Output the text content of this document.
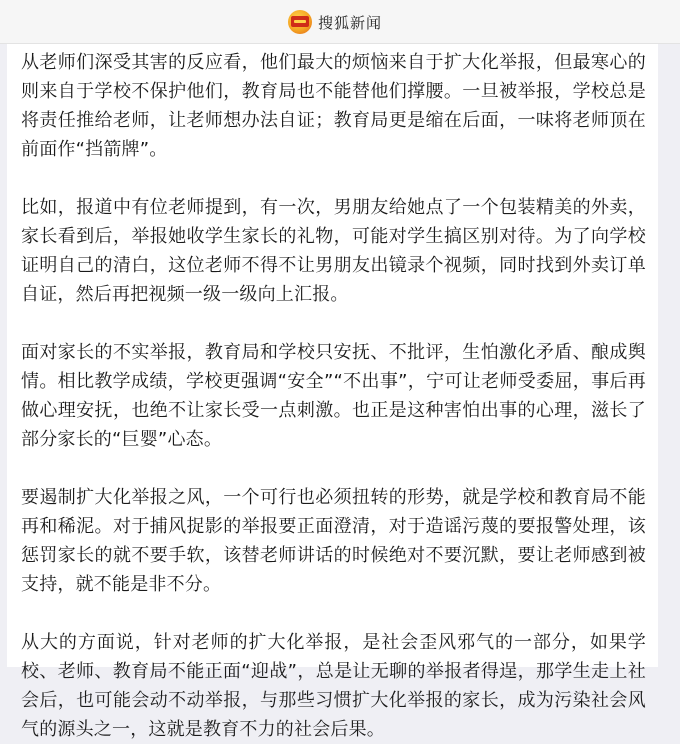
搜狐新闻

从老师们深受其害的反应看，他们最大的烦恼来自于扩大化举报，但最寒心的则来自于学校不保护他们，教育局也不能替他们撑腰。一旦被举报，学校总是将责任推给老师，让老师想办法自证；教育局更是缩在后面，一味将老师顶在前面作“挡箭牌”。

比如，报道中有位老师提到，有一次，男朋友给她点了一个包装精美的外卖，家长看到后，举报她收学生家长的礼物，可能对学生搞区别对待。为了向学校证明自己的清白，这位老师不得不让男朋友出镜录个视频，同时找到外卖订单自证，然后再把视频一级一级向上汇报。

面对家长的不实举报，教育局和学校只安抚、不批评，生怕激化矛盾、酿成舆情。相比教学成绩，学校更强调“安全”“不出事”，宁可让老师受委屈，事后再做心理安抚，也绝不让家长受一点刺激。也正是这种害怕出事的心理，滋长了部分家长的“巨婴”心态。

要遏制扩大化举报之风，一个可行也必须扭转的形势，就是学校和教育局不能再和稀泥。对于捕风捉影的举报要正面澄清，对于造谣污蔑的要报警处理，该惩罚家长的就不要手软，该替老师讲话的时候绝对不要沉默，要让老师感到被支持，就不能是非不分。

从大的方面说，针对老师的扩大化举报，是社会歪风邪气的一部分，如果学校、老师、教育局不能正面“迎战”，总是让无聊的举报者得逞，那学生走上社会后，也可能会动不动举报，与那些习惯扩大化举报的家长，成为污染社会风气的源头之一，这就是教育不力的社会后果。
